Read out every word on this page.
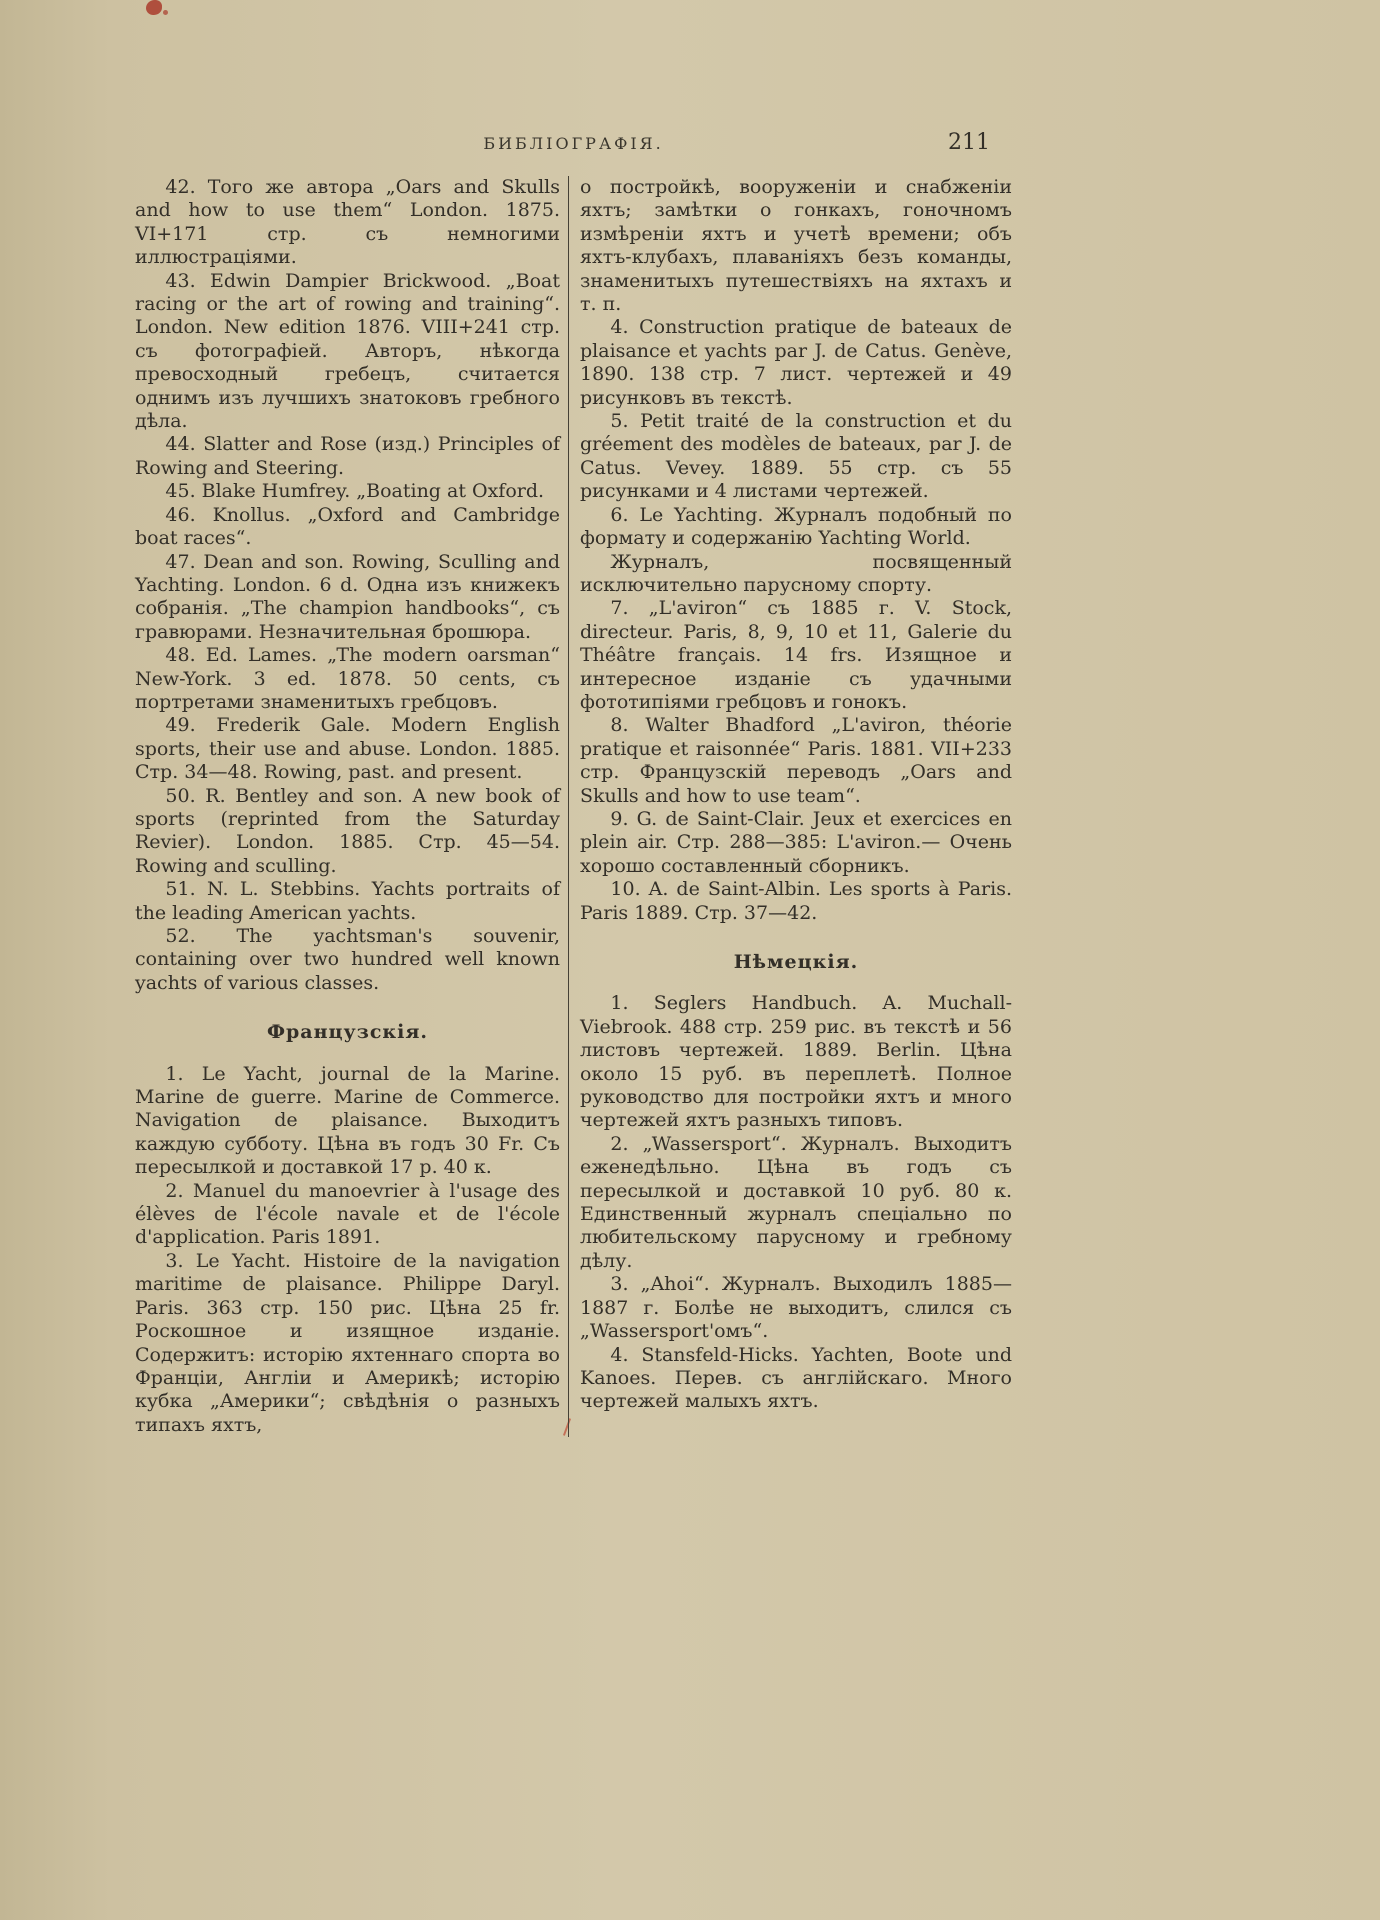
БИБЛІОГРАФІЯ.	211

42. Того же автора „Oars and Skulls and how to use them“ London. 1875. VI+171 стр. съ немногими иллюстраціями.

43. Edwin Dampier Brickwood. „Boat racing or the art of rowing and training“. London. New edition 1876. VIII+241 стр. съ фотографіей. Авторъ, нѣкогда превосходный гребецъ, считается однимъ изъ лучшихъ знатоковъ гребного дѣла.

44. Slatter and Rose (изд.) Principles of Rowing and Steering.

45. Blake Humfrey. „Boating at Oxford.

46. Knollus. „Oxford and Cambridge boat races“.

47. Dean and son. Rowing, Sculling and Yachting. London. 6 d. Одна изъ книжекъ собранія. „The champion handbooks“, съ гравюрами. Незначительная брошюра.

48. Ed. Lames. „The modern oarsman“ New-York. 3 ed. 1878. 50 cents, съ портретами знаменитыхъ гребцовъ.

49. Frederik Gale. Modern English sports, their use and abuse. London. 1885. Стр. 34—48. Rowing, past. and present.

50. R. Bentley and son. A new book of sports (reprinted from the Saturday Revier). London. 1885. Стр. 45—54. Rowing and sculling.

51. N. L. Stebbins. Yachts portraits of the leading American yachts.

52. The yachtsman's souvenir, containing over two hundred well known yachts of various classes.

Французскія.

1. Le Yacht, journal de la Marine. Marine de guerre. Marine de Commerce. Navigation de plaisance. Выходитъ каждую субботу. Цѣна въ годъ 30 Fr. Съ пересылкой и доставкой 17 р. 40 к.

2. Manuel du manoevrier à l'usage des élèves de l'école navale et de l'école d'application. Paris 1891.

3. Le Yacht. Histoire de la navigation maritime de plaisance. Philippe Daryl. Paris. 363 стр. 150 рис. Цѣна 25 fr. Роскошное и изящное изданіе. Содержитъ: исторію яхтеннаго спорта во Франціи, Англіи и Америкѣ; исторію кубка „Америки“; свѣдѣнія о разныхъ типахъ яхтъ,

о постройкѣ, вооруженіи и снабженіи яхтъ; замѣтки о гонкахъ, гоночномъ измѣреніи яхтъ и учетѣ времени; объ яхтъ-клубахъ, плаваніяхъ безъ команды, знаменитыхъ путешествіяхъ на яхтахъ и т. п.

4. Construction pratique de bateaux de plaisance et yachts par J. de Catus. Genève, 1890. 138 стр. 7 лист. чертежей и 49 рисунковъ въ текстѣ.

5. Petit traité de la construction et du gréement des modèles de bateaux, par J. de Catus. Vevey. 1889. 55 стр. съ 55 рисунками и 4 листами чертежей.

6. Le Yachting. Журналъ подобный по формату и содержанію Yachting World.

Журналъ, посвященный исключительно парусному спорту.

7. „L'aviron“ съ 1885 г. V. Stock, directeur. Paris, 8, 9, 10 et 11, Galerie du Théâtre français. 14 frs. Изящное и интересное изданіе съ удачными фототипіями гребцовъ и гонокъ.

8. Walter Bhadford „L'aviron, théorie pratique et raisonnée“ Paris. 1881. VII+233 стр. Французскій переводъ „Oars and Skulls and how to use team“.

9. G. de Saint-Clair. Jeux et exercices en plein air. Стр. 288—385: L'aviron.— Очень хорошо составленный сборникъ.

10. A. de Saint-Albin. Les sports à Paris. Paris 1889. Стр. 37—42.

Нѣмецкія.

1. Seglers Handbuch. A. Muchall-Viebrook. 488 стр. 259 рис. въ текстѣ и 56 листовъ чертежей. 1889. Berlin. Цѣна около 15 руб. въ переплетѣ. Полное руководство для постройки яхтъ и много чертежей яхтъ разныхъ типовъ.

2. „Wassersport“. Журналъ. Выходитъ еженедѣльно. Цѣна въ годъ съ пересылкой и доставкой 10 руб. 80 к. Единственный журналъ спеціально по любительскому парусному и гребному дѣлу.

3. „Ahoi“. Журналъ. Выходилъ 1885—1887 г. Болѣе не выходитъ, слился съ „Wassersport'омъ“.

4. Stansfeld-Hicks. Yachten, Boote und Kanoes. Перев. съ англійскаго. Много чертежей малыхъ яхтъ.
